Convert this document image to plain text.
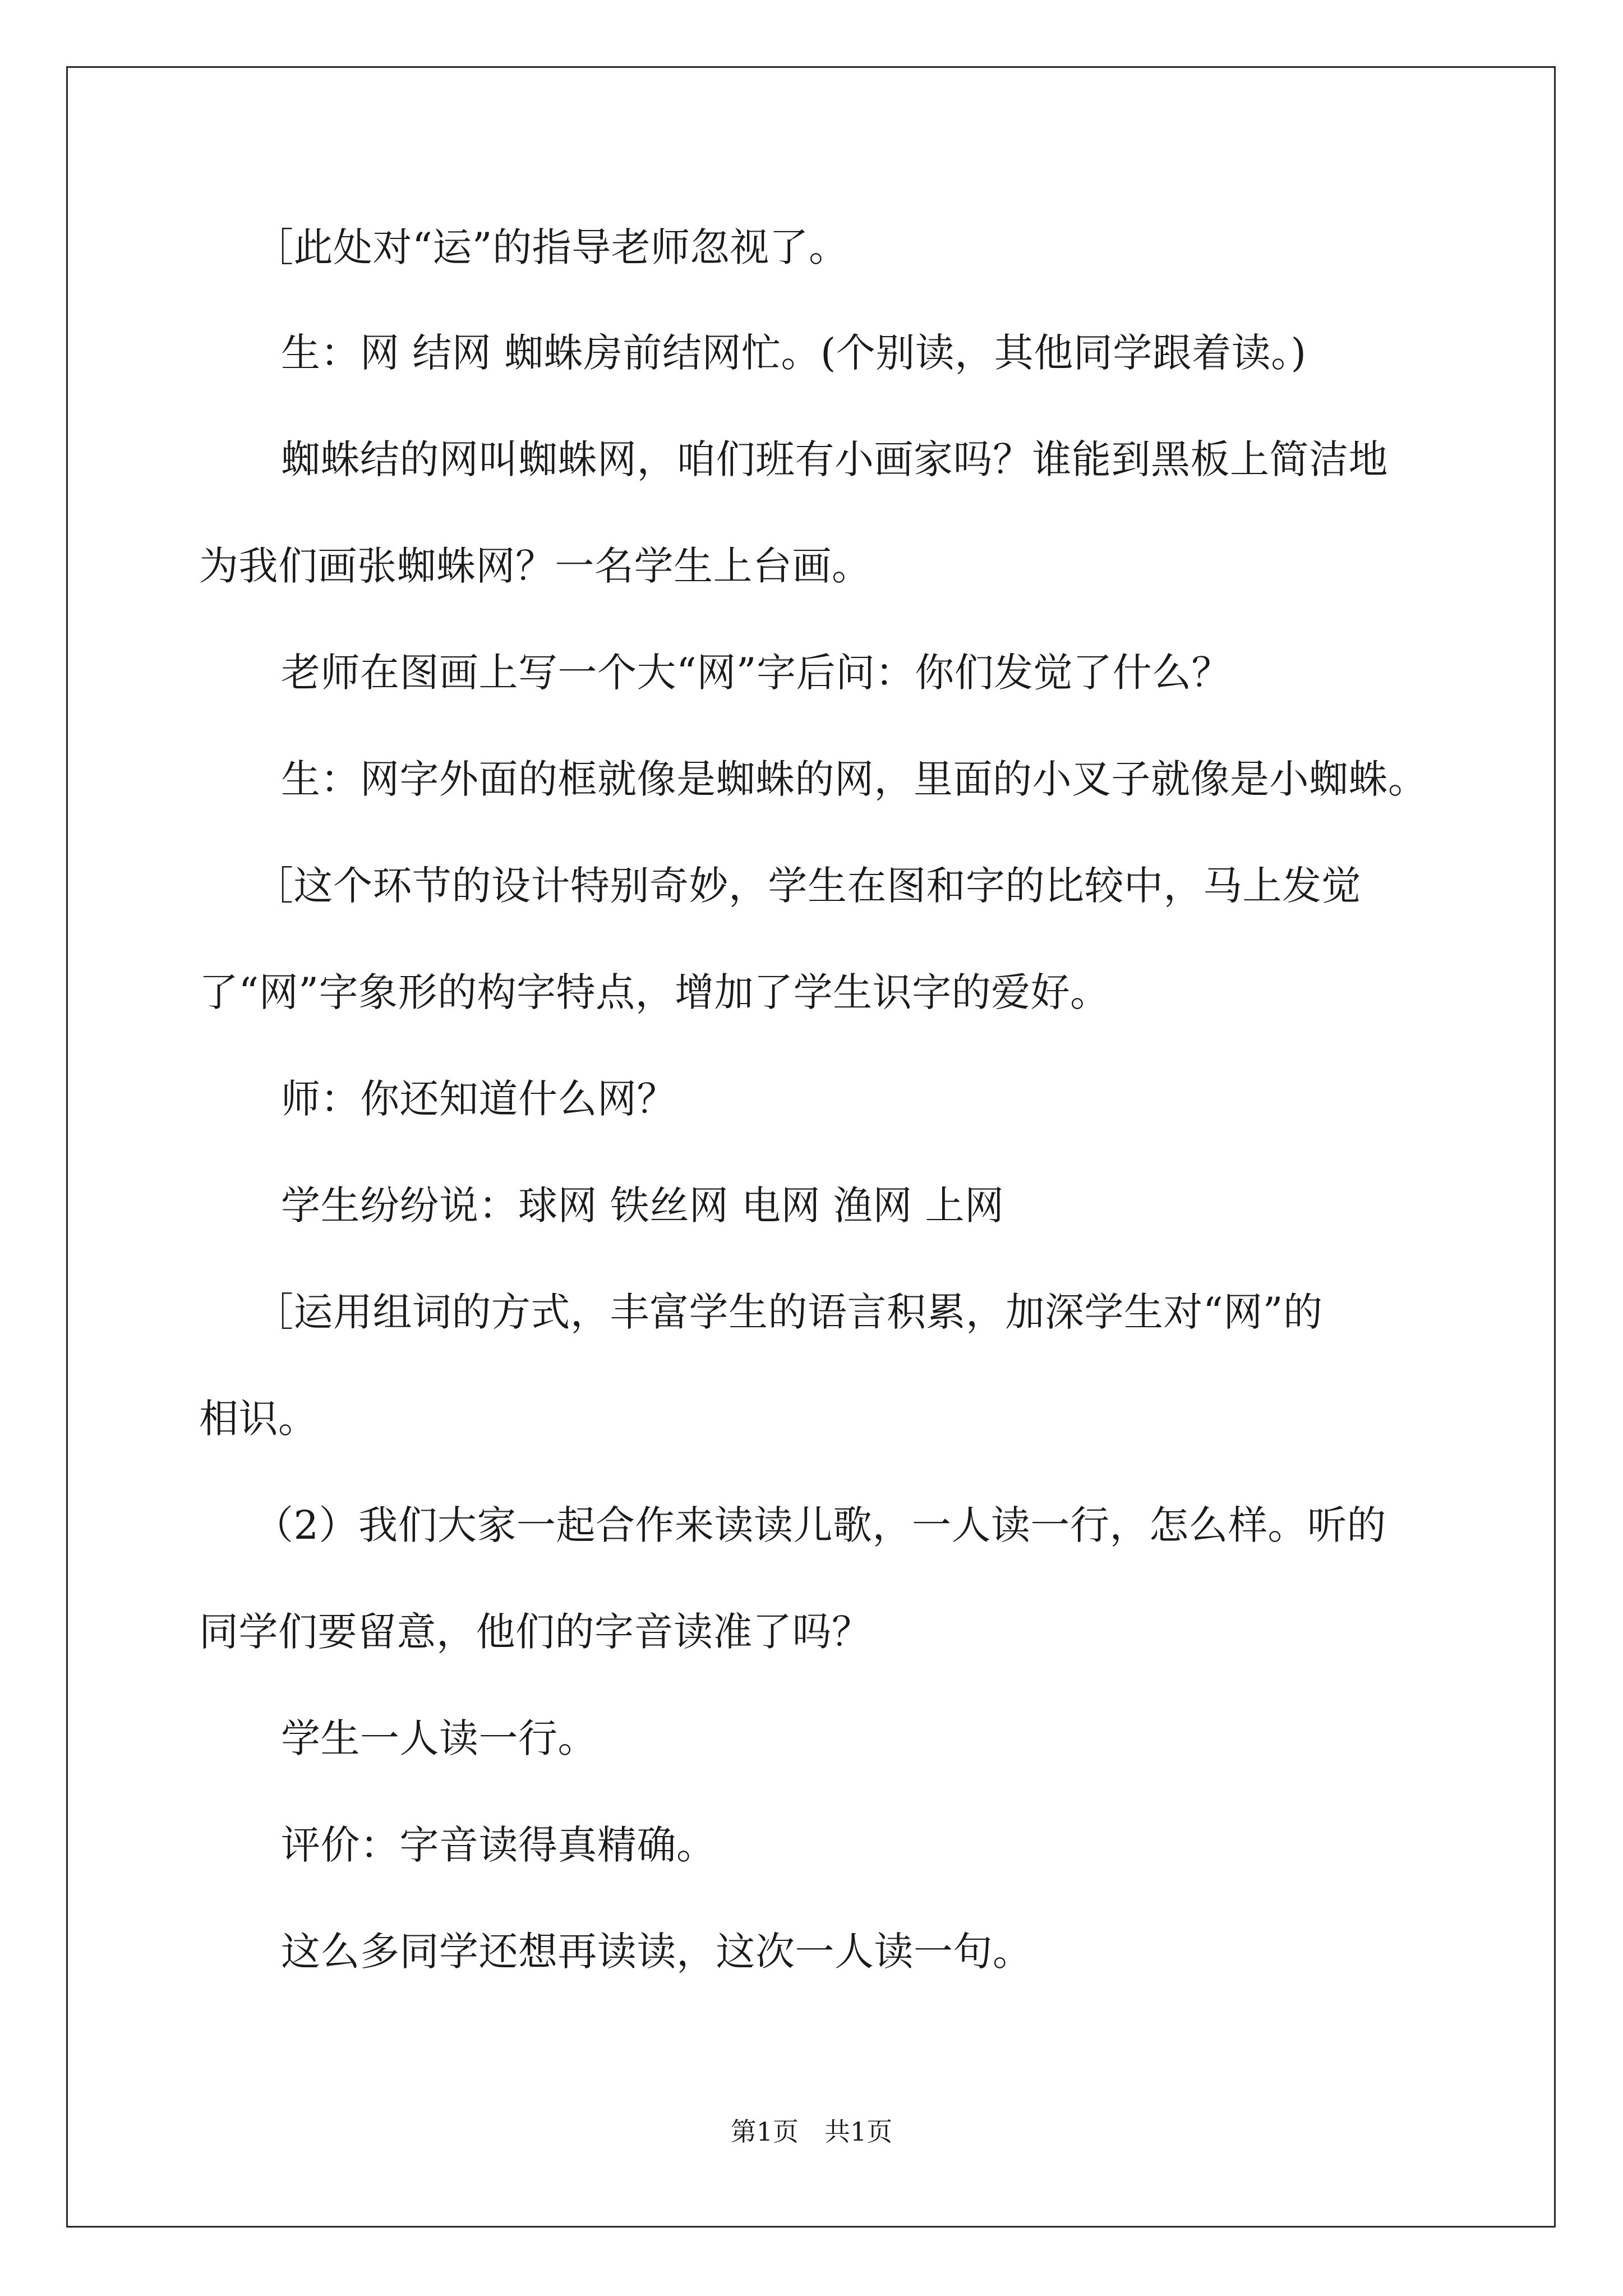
［此处对“运”的指导老师忽视了。
生：网 结网 蜘蛛房前结网忙。(个别读，其他同学跟着读。)
蜘蛛结的网叫蜘蛛网，咱们班有小画家吗？谁能到黑板上简洁地
为我们画张蜘蛛网？一名学生上台画。
老师在图画上写一个大“网”字后问：你们发觉了什么？
生：网字外面的框就像是蜘蛛的网，里面的小叉子就像是小蜘蛛。
［这个环节的设计特别奇妙，学生在图和字的比较中，马上发觉
了“网”字象形的构字特点，增加了学生识字的爱好。
师：你还知道什么网？
学生纷纷说：球网 铁丝网 电网 渔网 上网
［运用组词的方式，丰富学生的语言积累，加深学生对“网”的
相识。
（2）我们大家一起合作来读读儿歌，一人读一行，怎么样。听的
同学们要留意，他们的字音读准了吗？
学生一人读一行。
评价：字音读得真精确。
这么多同学还想再读读，这次一人读一句。
第1页　共1页
